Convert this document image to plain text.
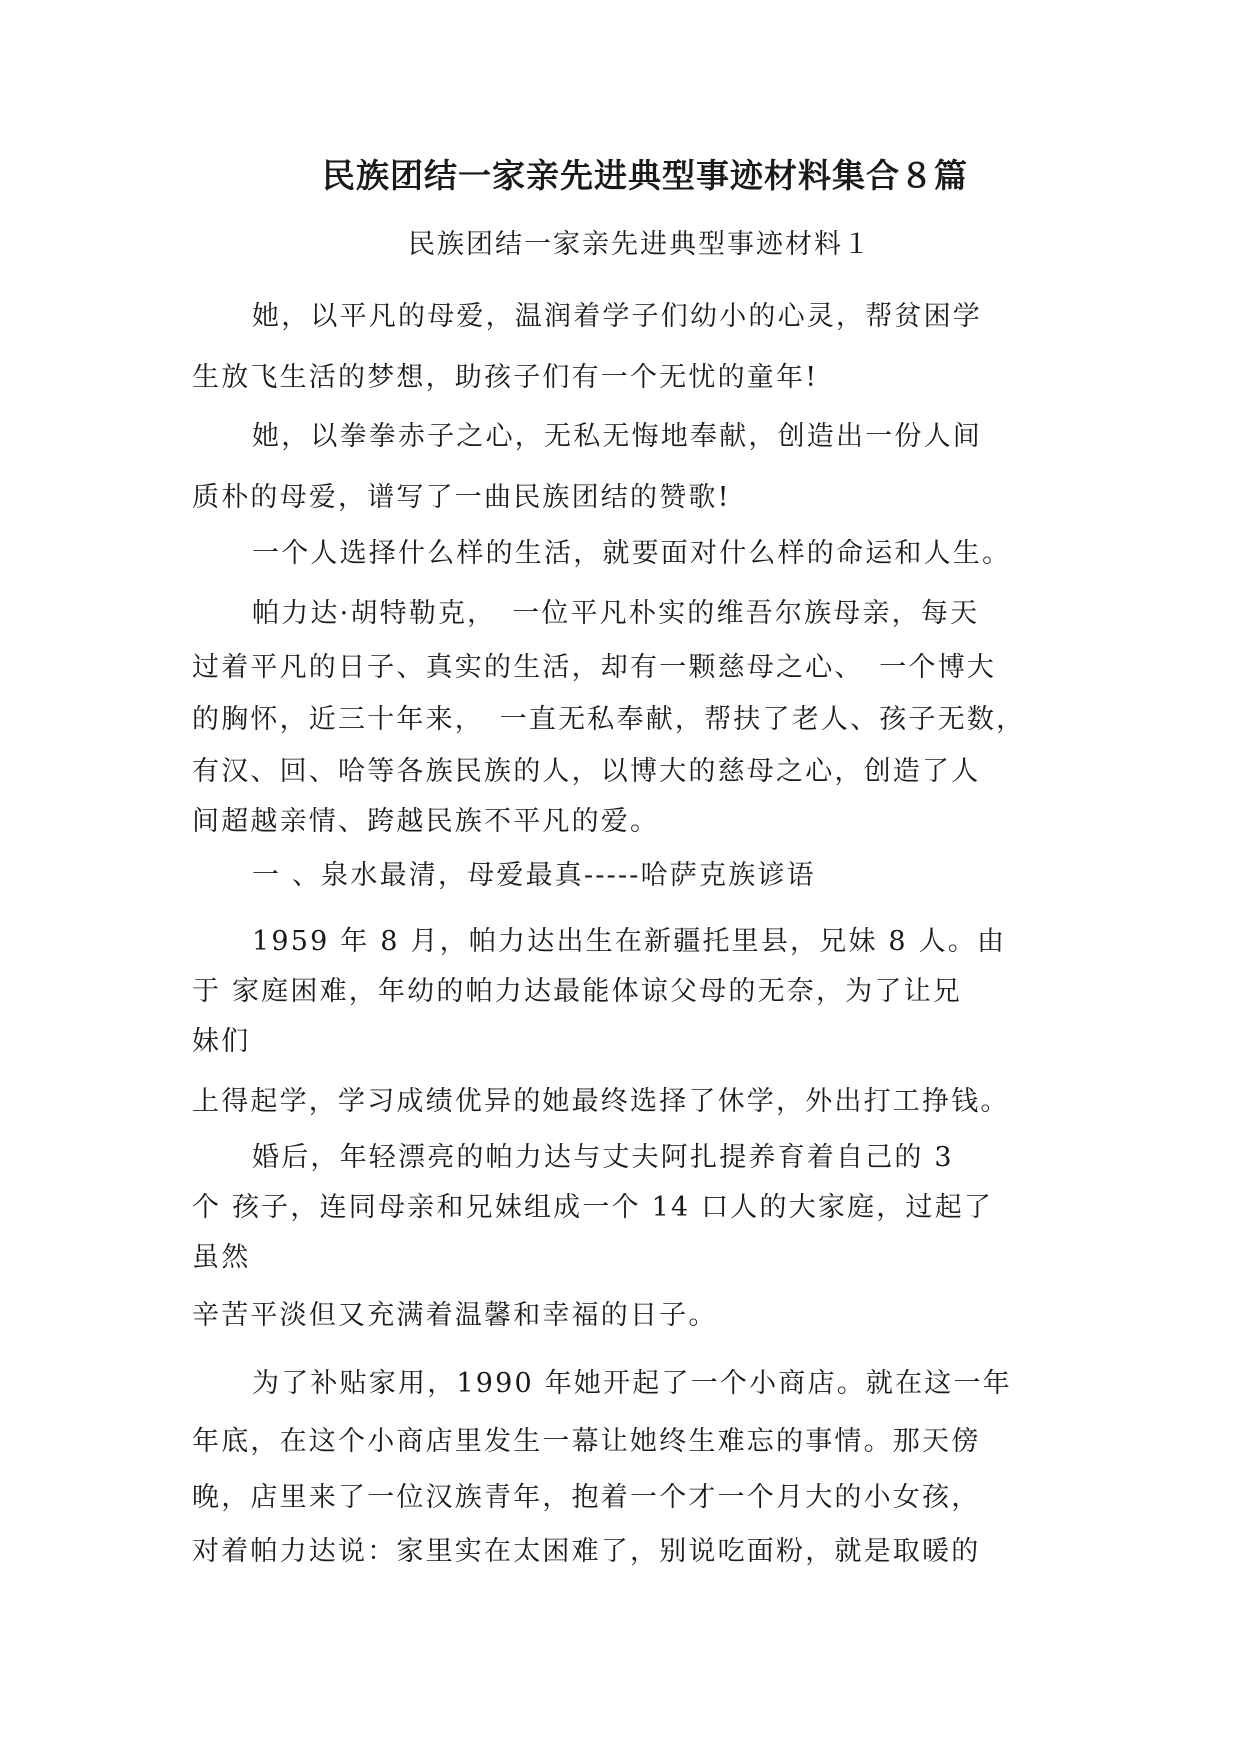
民族团结一家亲先进典型事迹材料集合８篇
民族团结一家亲先进典型事迹材料１
她，以平凡的母爱，温润着学子们幼小的心灵，帮贫困学
生放飞生活的梦想，助孩子们有一个无忧的童年!
她，以拳拳赤子之心，无私无悔地奉献，创造出一份人间
质朴的母爱，谱写了一曲民族团结的赞歌!
一个人选择什么样的生活，就要面对什么样的命运和人生。
帕力达·胡特勒克，　一位平凡朴实的维吾尔族母亲，每天
过着平凡的日子、真实的生活，却有一颗慈母之心、　一个博大
的胸怀，近三十年来，　一直无私奉献，帮扶了老人、孩子无数，
有汉、回、哈等各族民族的人，以博大的慈母之心，创造了人
间超越亲情、跨越民族不平凡的爱。
一 、泉水最清，母爱最真-----哈萨克族谚语
1959 年 8 月，帕力达出生在新疆托里县，兄妹 8 人。由
于 家庭困难，年幼的帕力达最能体谅父母的无奈，为了让兄
妹们
上得起学，学习成绩优异的她最终选择了休学，外出打工挣钱。
婚后，年轻漂亮的帕力达与丈夫阿扎提养育着自己的 3
个 孩子，连同母亲和兄妹组成一个 14 口人的大家庭，过起了
虽然
辛苦平淡但又充满着温馨和幸福的日子。
为了补贴家用，1990 年她开起了一个小商店。就在这一年
年底，在这个小商店里发生一幕让她终生难忘的事情。那天傍
晚，店里来了一位汉族青年，抱着一个才一个月大的小女孩，
对着帕力达说：家里实在太困难了，别说吃面粉，就是取暖的
